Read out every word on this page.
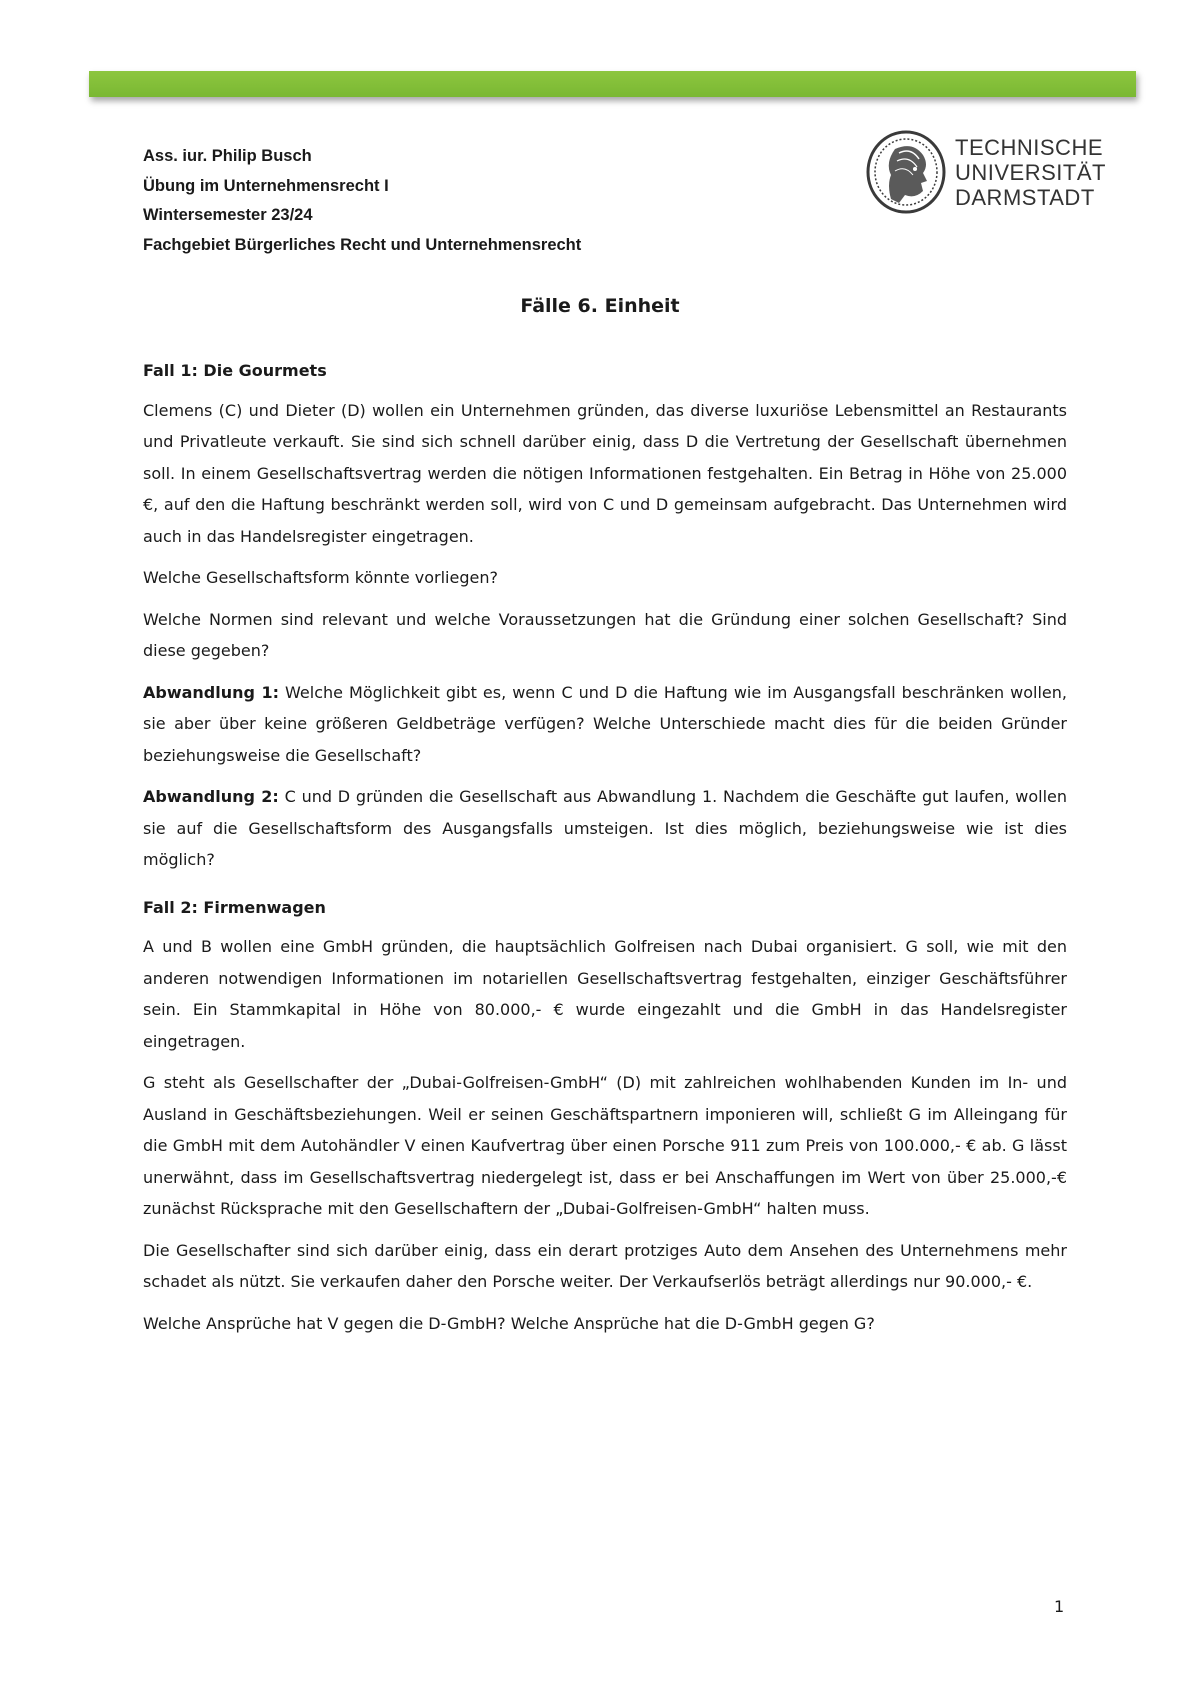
Ass. iur. Philip Busch
Übung im Unternehmensrecht I
Wintersemester 23/24
Fachgebiet Bürgerliches Recht und Unternehmensrecht
TECHNISCHE
UNIVERSITÄT
DARMSTADT
Fälle 6. Einheit
Fall 1: Die Gourmets

Clemens (C) und Dieter (D) wollen ein Unternehmen gründen, das diverse luxuriöse Lebensmittel an Restaurants und Privatleute verkauft. Sie sind sich schnell darüber einig, dass D die Vertretung der Gesellschaft übernehmen soll. In einem Gesellschaftsvertrag werden die nötigen Informationen festgehalten. Ein Betrag in Höhe von 25.000 €, auf den die Haftung beschränkt werden soll, wird von C und D gemeinsam aufgebracht. Das Unternehmen wird auch in das Handelsregister eingetragen.

Welche Gesellschaftsform könnte vorliegen?

Welche Normen sind relevant und welche Voraussetzungen hat die Gründung einer solchen Gesellschaft? Sind diese gegeben?

Abwandlung 1: Welche Möglichkeit gibt es, wenn C und D die Haftung wie im Ausgangsfall beschränken wollen, sie aber über keine größeren Geldbeträge verfügen? Welche Unterschiede macht dies für die beiden Gründer beziehungsweise die Gesellschaft?

Abwandlung 2: C und D gründen die Gesellschaft aus Abwandlung 1. Nachdem die Geschäfte gut laufen, wollen sie auf die Gesellschaftsform des Ausgangsfalls umsteigen. Ist dies möglich, beziehungsweise wie ist dies möglich?

Fall 2: Firmenwagen

A und B wollen eine GmbH gründen, die hauptsächlich Golfreisen nach Dubai organisiert. G soll, wie mit den anderen notwendigen Informationen im notariellen Gesellschaftsvertrag festgehalten, einziger Geschäftsführer sein. Ein Stammkapital in Höhe von 80.000,- € wurde eingezahlt und die GmbH in das Handelsregister eingetragen.

G steht als Gesellschafter der „Dubai-Golfreisen-GmbH“ (D) mit zahlreichen wohlhabenden Kunden im In- und Ausland in Geschäftsbeziehungen. Weil er seinen Geschäftspartnern imponieren will, schließt G im Alleingang für die GmbH mit dem Autohändler V einen Kaufvertrag über einen Porsche 911 zum Preis von 100.000,- € ab. G lässt unerwähnt, dass im Gesellschaftsvertrag niedergelegt ist, dass er bei Anschaffungen im Wert von über 25.000,-€ zunächst Rücksprache mit den Gesellschaftern der „Dubai-Golfreisen-GmbH“ halten muss.

Die Gesellschafter sind sich darüber einig, dass ein derart protziges Auto dem Ansehen des Unternehmens mehr schadet als nützt. Sie verkaufen daher den Porsche weiter. Der Verkaufserlös beträgt allerdings nur 90.000,- €.

Welche Ansprüche hat V gegen die D-GmbH? Welche Ansprüche hat die D-GmbH gegen G?

1
